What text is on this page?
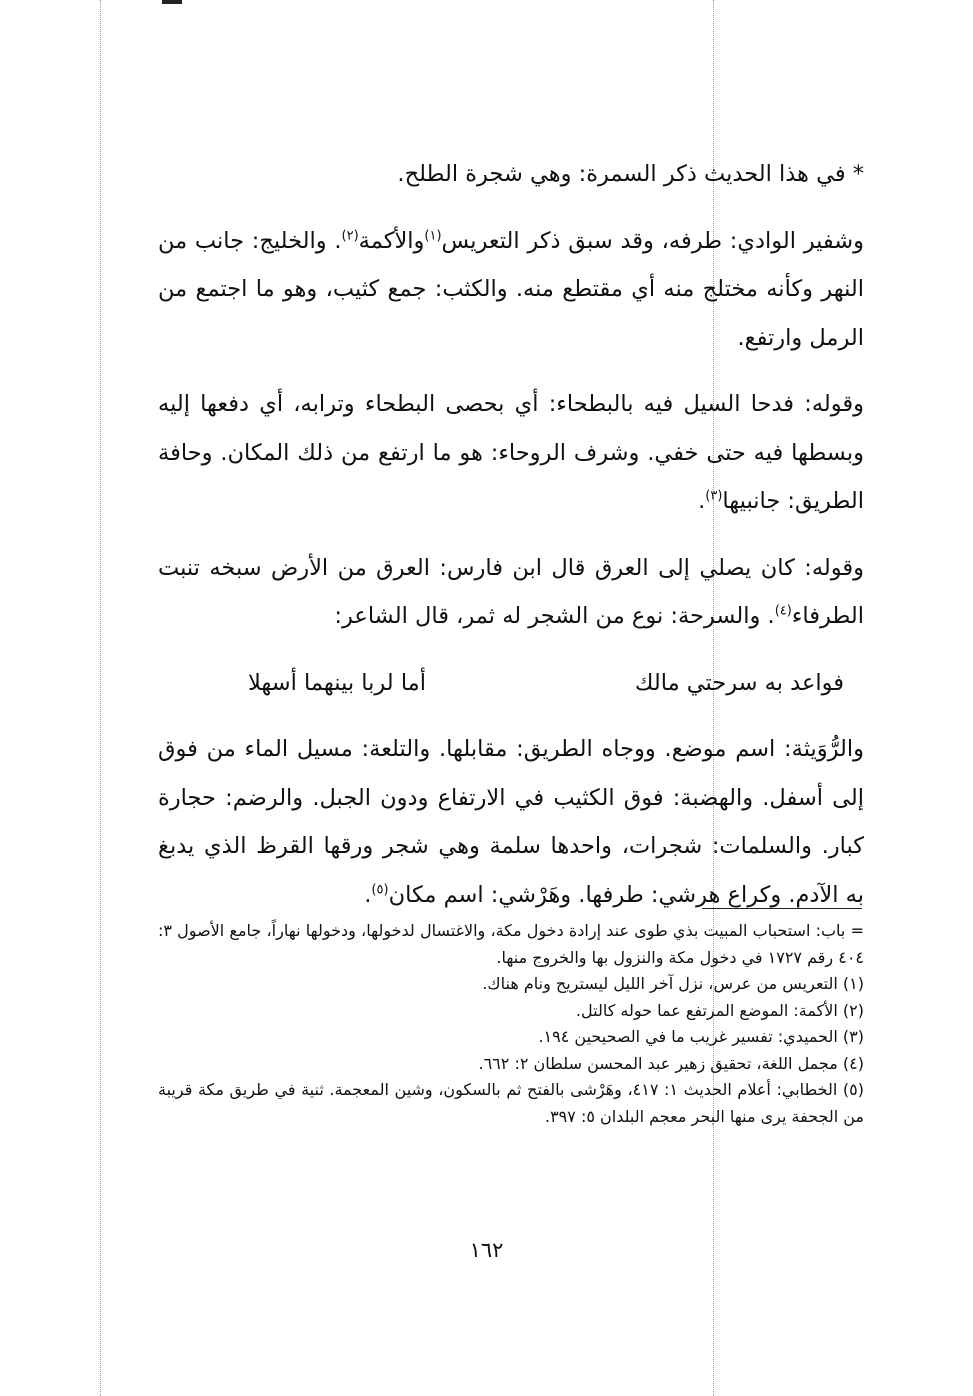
* في هذا الحديث ذكر السمرة: وهي شجرة الطلح.

وشفير الوادي: طرفه، وقد سبق ذكر التعريس$^{(١)}$والأكمة$^{(٢)}$. والخليج: جانب من النهر وكأنه مختلج منه أي مقتطع منه. والكثب: جمع كثيب، وهو ما اجتمع من الرمل وارتفع.

وقوله: فدحا السيل فيه بالبطحاء: أي بحصى البطحاء وترابه، أي دفعها إليه وبسطها فيه حتى خفي. وشرف الروحاء: هو ما ارتفع من ذلك المكان. وحافة الطريق: جانبيها$^{(٣)}$.

وقوله: كان يصلي إلى العرق قال ابن فارس: العرق من الأرض سبخه تنبت الطرفاء$^{(٤)}$. والسرحة: نوع من الشجر له ثمر، قال الشاعر:

فواعد به سرحتي مالك
أما لربا بينهما أسهلا

والرُّوَيثة: اسم موضع. ووجاه الطريق: مقابلها. والتلعة: مسيل الماء من فوق إلى أسفل. والهضبة: فوق الكثيب في الارتفاع ودون الجبل. والرضم: حجارة كبار. والسلمات: شجرات، واحدها سلمة وهي شجر ورقها القرظ الذي يدبغ به الآدم. وكراع هرشي: طرفها. وهَرْشي: اسم مكان$^{(٥)}$.

= باب: استحباب المبيت بذي طوى عند إرادة دخول مكة، والاغتسال لدخولها، ودخولها نهاراً، جامع الأصول ٣: ٤٠٤ رقم ١٧٢٧ في دخول مكة والنزول بها والخروج منها.

(١) التعريس من عرس، نزل آخر الليل ليستريح ونام هناك.

(٢) الأكمة: الموضع المرتفع عما حوله كالتل.

(٣) الحميدي: تفسير غريب ما في الصحيحين ١٩٤.

(٤) مجمل اللغة، تحقيق زهير عبد المحسن سلطان ٢: ٦٦٢.

(٥) الخطابي: أعلام الحديث ١: ٤١٧، وهَرْشى بالفتح ثم بالسكون، وشين المعجمة. ثنية في طريق مكة قريبة من الجحفة يرى منها البحر معجم البلدان ٥: ٣٩٧.

١٦٢
